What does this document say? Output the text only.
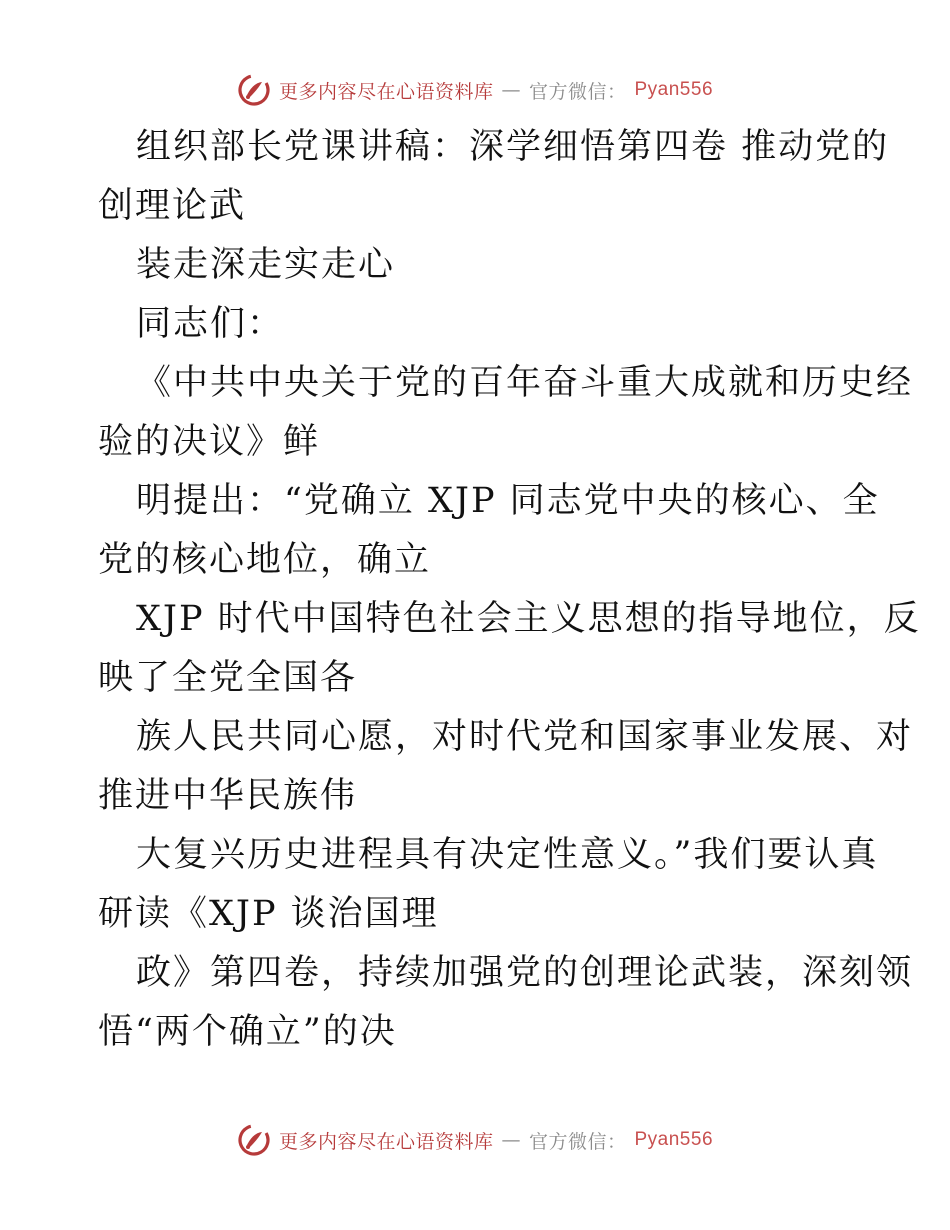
更多内容尽在心语资料库 — 官方微信： Pyan556
组织部长党课讲稿：深学细悟第四卷 推动党的
创理论武
装走深走实走心
同志们：
《中共中央关于党的百年奋斗重大成就和历史经
验的决议》鲜
明提出：“党确立 XJP 同志党中央的核心、全
党的核心地位，确立
XJP 时代中国特色社会主义思想的指导地位，反
映了全党全国各
族人民共同心愿，对时代党和国家事业发展、对
推进中华民族伟
大复兴历史进程具有决定性意义。”我们要认真
研读《XJP 谈治国理
政》第四卷，持续加强党的创理论武装，深刻领
悟“两个确立”的决
更多内容尽在心语资料库 — 官方微信： Pyan556
